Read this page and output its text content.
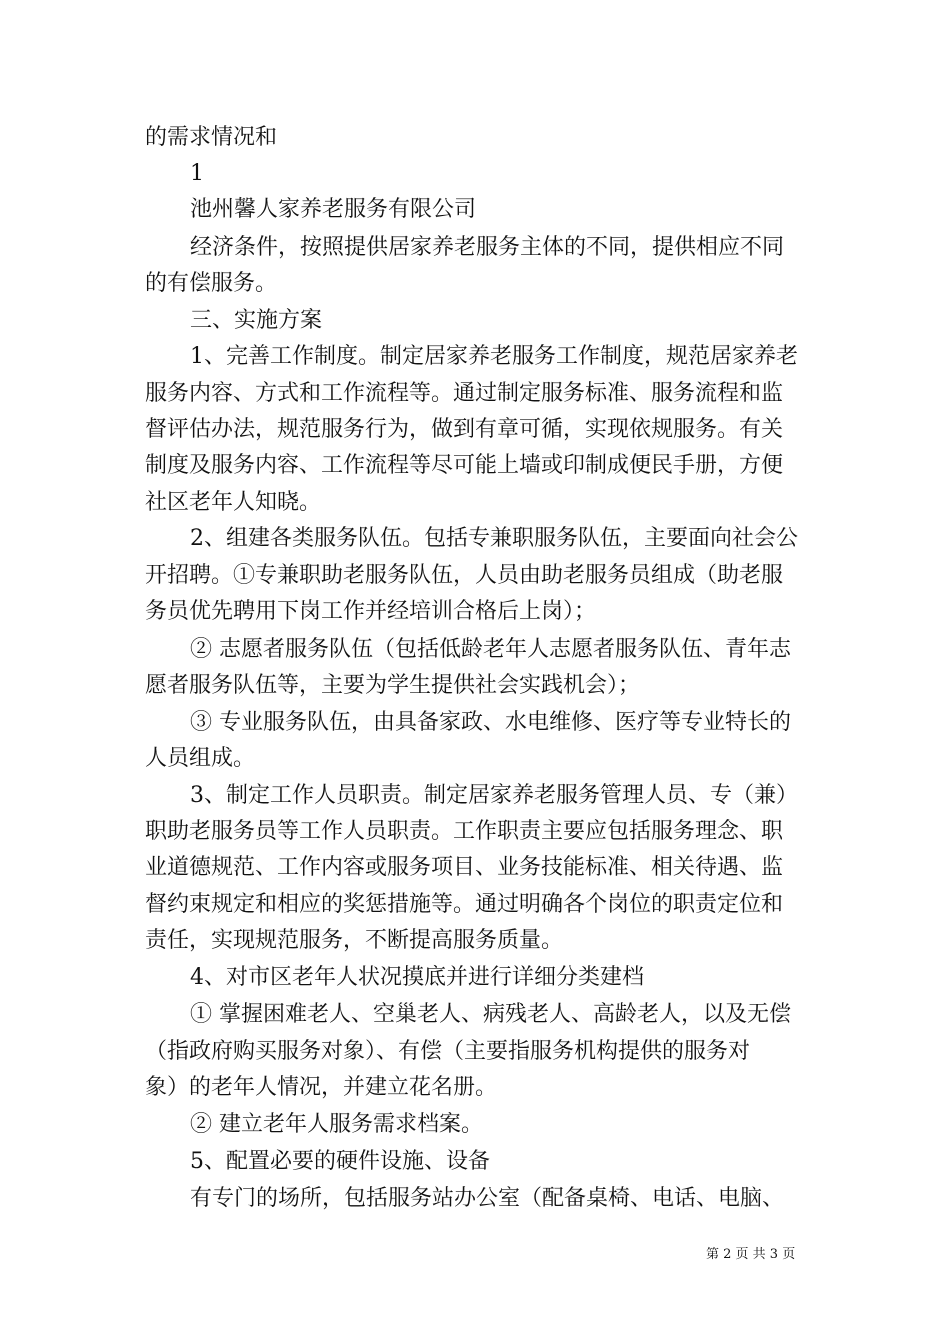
的需求情况和
1
池州馨人家养老服务有限公司
经济条件，按照提供居家养老服务主体的不同，提供相应不同
的有偿服务。
三、实施方案
1、完善工作制度。制定居家养老服务工作制度，规范居家养老
服务内容、方式和工作流程等。通过制定服务标准、服务流程和监
督评估办法，规范服务行为，做到有章可循，实现依规服务。有关
制度及服务内容、工作流程等尽可能上墙或印制成便民手册，方便
社区老年人知晓。
2、组建各类服务队伍。包括专兼职服务队伍，主要面向社会公
开招聘。①专兼职助老服务队伍，人员由助老服务员组成（助老服
务员优先聘用下岗工作并经培训合格后上岗）；
② 志愿者服务队伍（包括低龄老年人志愿者服务队伍、青年志
愿者服务队伍等，主要为学生提供社会实践机会）；
③ 专业服务队伍，由具备家政、水电维修、医疗等专业特长的
人员组成。
3、制定工作人员职责。制定居家养老服务管理人员、专（兼）
职助老服务员等工作人员职责。工作职责主要应包括服务理念、职
业道德规范、工作内容或服务项目、业务技能标准、相关待遇、监
督约束规定和相应的奖惩措施等。通过明确各个岗位的职责定位和
责任，实现规范服务，不断提高服务质量。
4、对市区老年人状况摸底并进行详细分类建档
① 掌握困难老人、空巢老人、病残老人、高龄老人，以及无偿
（指政府购买服务对象）、有偿（主要指服务机构提供的服务对
象）的老年人情况，并建立花名册。
② 建立老年人服务需求档案。
5、配置必要的硬件设施、设备
有专门的场所，包括服务站办公室（配备桌椅、电话、电脑、
第 2 页 共 3 页
